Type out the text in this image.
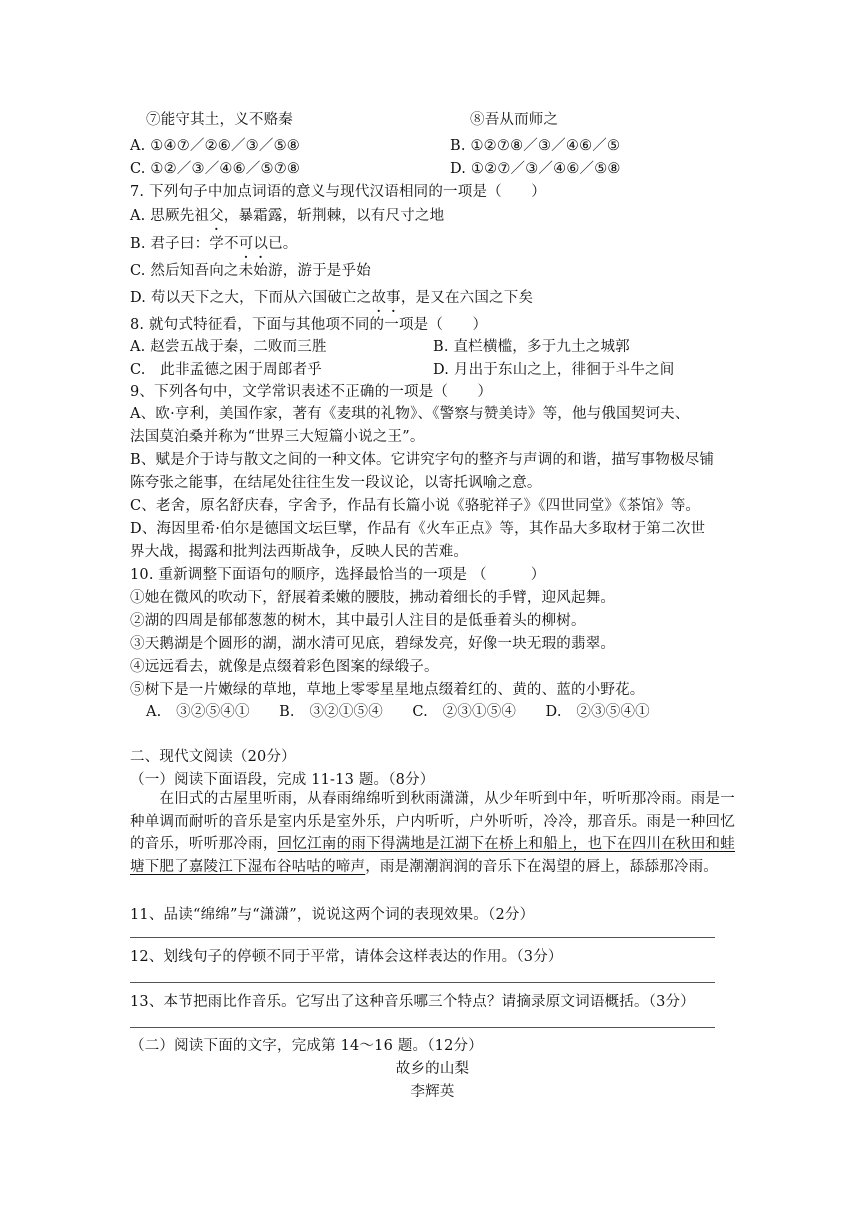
⑦能守其土，义不赂秦	⑧吾从而师之
A. ①④⑦／②⑥／③／⑤⑧	B. ①②⑦⑧／③／④⑥／⑤
C. ①②／③／④⑥／⑤⑦⑧	D. ①②⑦／③／④⑥／⑤⑧
7. 下列句子中加点词语的意义与现代汉语相同的一项是（　　）
A. 思厥先祖父，暴霜露，斩荆棘，以有尺寸之地
B. 君子曰：学不可以已。
C. 然后知吾向之未始游，游于是乎始
D. 苟以天下之大，下而从六国破亡之故事，是又在六国之下矣
8. 就句式特征看，下面与其他项不同的一项是（　　）
A. 赵尝五战于秦，二败而三胜	B. 直栏横槛，多于九土之城郭
C.　此非孟德之困于周郎者乎	D. 月出于东山之上，徘徊于斗牛之间
9、下列各句中，文学常识表述不正确的一项是（　　）
A、欧·亨利，美国作家，著有《麦琪的礼物》、《警察与赞美诗》等，他与俄国契诃夫、
法国莫泊桑并称为“世界三大短篇小说之王”。
B、赋是介于诗与散文之间的一种文体。它讲究字句的整齐与声调的和谐，描写事物极尽铺
陈夸张之能事，在结尾处往往生发一段议论，以寄托讽喻之意。
C、老舍，原名舒庆春，字舍予，作品有长篇小说《骆驼祥子》《四世同堂》《茶馆》等。
D、海因里希·伯尔是德国文坛巨擘，作品有《火车正点》等，其作品大多取材于第二次世
界大战，揭露和批判法西斯战争，反映人民的苦难。
10. 重新调整下面语句的顺序，选择最恰当的一项是 （　　　）
①她在微风的吹动下，舒展着柔嫩的腰肢，拂动着细长的手臂，迎风起舞。
②湖的四周是郁郁葱葱的树木，其中最引人注目的是低垂着头的柳树。
③天鹅湖是个圆形的湖，湖水清可见底，碧绿发亮，好像一块无瑕的翡翠。
④远远看去，就像是点缀着彩色图案的绿缎子。
⑤树下是一片嫩绿的草地，草地上零零星星地点缀着红的、黄的、蓝的小野花。
A.　③②⑤④①　　B.　③②①⑤④　　C.　②③①⑤④　　D.　②③⑤④①
二、现代文阅读（20分）
（一）阅读下面语段，完成 11-13 题。（8分）
　　在旧式的古屋里听雨，从春雨绵绵听到秋雨潇潇，从少年听到中年，听听那冷雨。雨是一种单调而耐听的音乐是室内乐是室外乐，户内听听，户外听听，冷冷，那音乐。雨是一种回忆的音乐，听听那冷雨，回忆江南的雨下得满地是江湖下在桥上和船上，也下在四川在秋田和蛙塘下肥了嘉陵江下湿布谷咕咕的啼声，雨是潮潮润润的音乐下在渴望的唇上，舔舔那冷雨。
11、品读“绵绵”与“潇潇”，说说这两个词的表现效果。（2分）
12、划线句子的停顿不同于平常，请体会这样表达的作用。（3分）
13、本节把雨比作音乐。它写出了这种音乐哪三个特点？请摘录原文词语概括。（3分）
（二）阅读下面的文字，完成第 14～16 题。（12分）
故乡的山梨
李辉英
